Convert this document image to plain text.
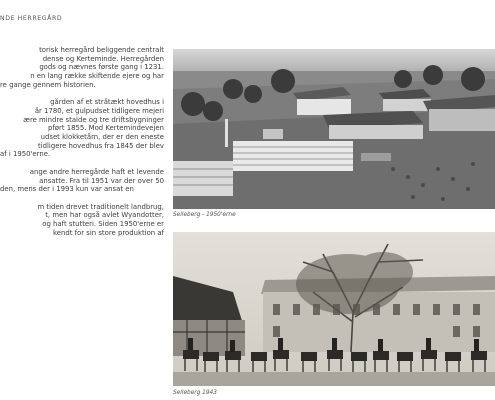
NDE HERREGÅRD

torisk herregård beliggende centralt
dense og Kerteminde. Herregården
gods og nævnes første gang i 1231.
n en lang række skiftende ejere og har
re gange gennem historien.

gården af et stråtækt hovedhus i
år 1780, et gulpudset tidligere mejeri
ære mindre stalde og tre driftsbygninger
pført 1855. Mod Kertemindevejen
udset klokketårn, der er den eneste
tidligere hovedhus fra 1845 der blev
af i 1950'erne.

ange andre herregårde haft et levende
ansatte. Fra til 1951 var der over 50
den, mens der i 1993 kun var ansat en

m tiden drevet traditionelt landbrug,
t, men har også avlet Wyandotter,
og haft stutteri. Siden 1950'erne er
kendt for sin store produktion af

Selleberg - 1950'erne
Selleberg 1943
